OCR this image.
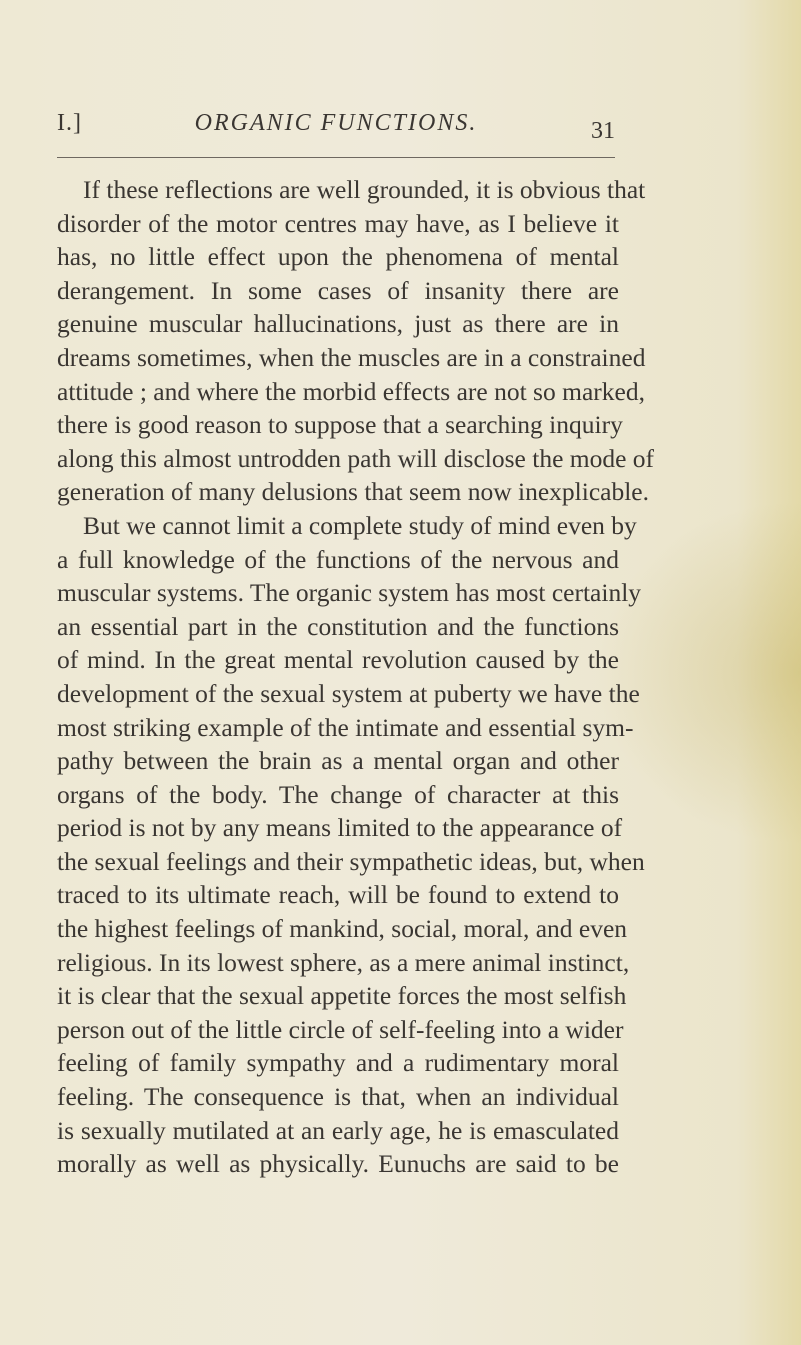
I.]	ORGANIC FUNCTIONS.	31
If these reflections are well grounded, it is obvious that
disorder of the motor centres may have, as I believe it
has, no little effect upon the phenomena of mental
derangement. In some cases of insanity there are
genuine muscular hallucinations, just as there are in
dreams sometimes, when the muscles are in a constrained
attitude ; and where the morbid effects are not so marked,
there is good reason to suppose that a searching inquiry
along this almost untrodden path will disclose the mode of
generation of many delusions that seem now inexplicable.
But we cannot limit a complete study of mind even by
a full knowledge of the functions of the nervous and
muscular systems. The organic system has most certainly
an essential part in the constitution and the functions
of mind. In the great mental revolution caused by the
development of the sexual system at puberty we have the
most striking example of the intimate and essential sym-
pathy between the brain as a mental organ and other
organs of the body. The change of character at this
period is not by any means limited to the appearance of
the sexual feelings and their sympathetic ideas, but, when
traced to its ultimate reach, will be found to extend to
the highest feelings of mankind, social, moral, and even
religious. In its lowest sphere, as a mere animal instinct,
it is clear that the sexual appetite forces the most selfish
person out of the little circle of self-feeling into a wider
feeling of family sympathy and a rudimentary moral
feeling. The consequence is that, when an individual
is sexually mutilated at an early age, he is emasculated
morally as well as physically. Eunuchs are said to be
